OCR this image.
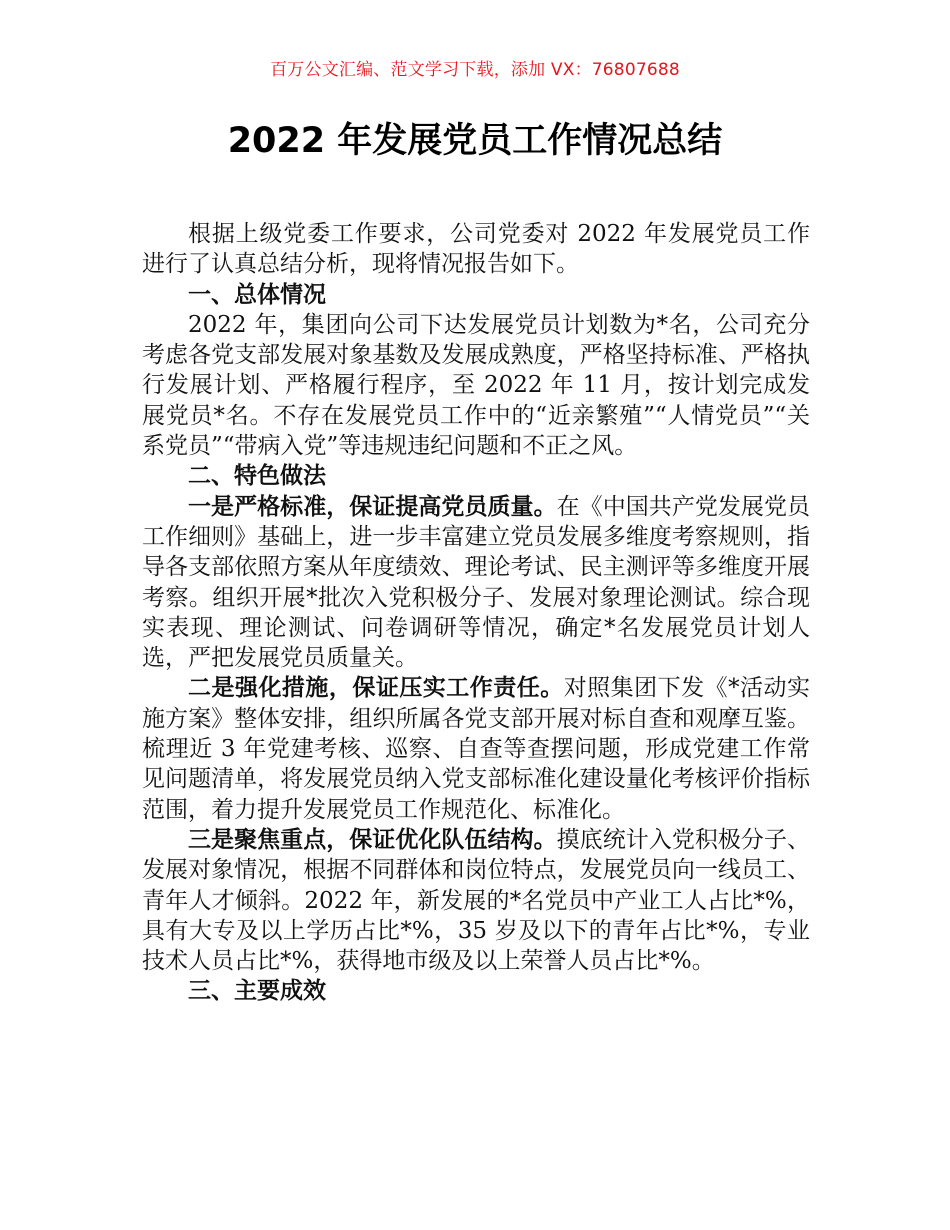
百万公文汇编、范文学习下载，添加 VX：76807688
2022 年发展党员工作情况总结

根据上级党委工作要求，公司党委对 2022 年发展党员工作进行了认真总结分析，现将情况报告如下。

一、总体情况

2022 年，集团向公司下达发展党员计划数为*名，公司充分考虑各党支部发展对象基数及发展成熟度，严格坚持标准、严格执行发展计划、严格履行程序，至 2022 年 11 月，按计划完成发展党员*名。不存在发展党员工作中的“近亲繁殖”“人情党员”“关系党员”“带病入党”等违规违纪问题和不正之风。

二、特色做法

一是严格标准，保证提高党员质量。在《中国共产党发展党员工作细则》基础上，进一步丰富建立党员发展多维度考察规则，指导各支部依照方案从年度绩效、理论考试、民主测评等多维度开展考察。组织开展*批次入党积极分子、发展对象理论测试。综合现实表现、理论测试、问卷调研等情况，确定*名发展党员计划人选，严把发展党员质量关。

二是强化措施，保证压实工作责任。对照集团下发《*活动实施方案》整体安排，组织所属各党支部开展对标自查和观摩互鉴。梳理近 3 年党建考核、巡察、自查等查摆问题，形成党建工作常见问题清单，将发展党员纳入党支部标准化建设量化考核评价指标范围，着力提升发展党员工作规范化、标准化。

三是聚焦重点，保证优化队伍结构。摸底统计入党积极分子、发展对象情况，根据不同群体和岗位特点，发展党员向一线员工、青年人才倾斜。2022 年，新发展的*名党员中产业工人占比*%，具有大专及以上学历占比*%，35 岁及以下的青年占比*%，专业技术人员占比*%，获得地市级及以上荣誉人员占比*%。

三、主要成效
